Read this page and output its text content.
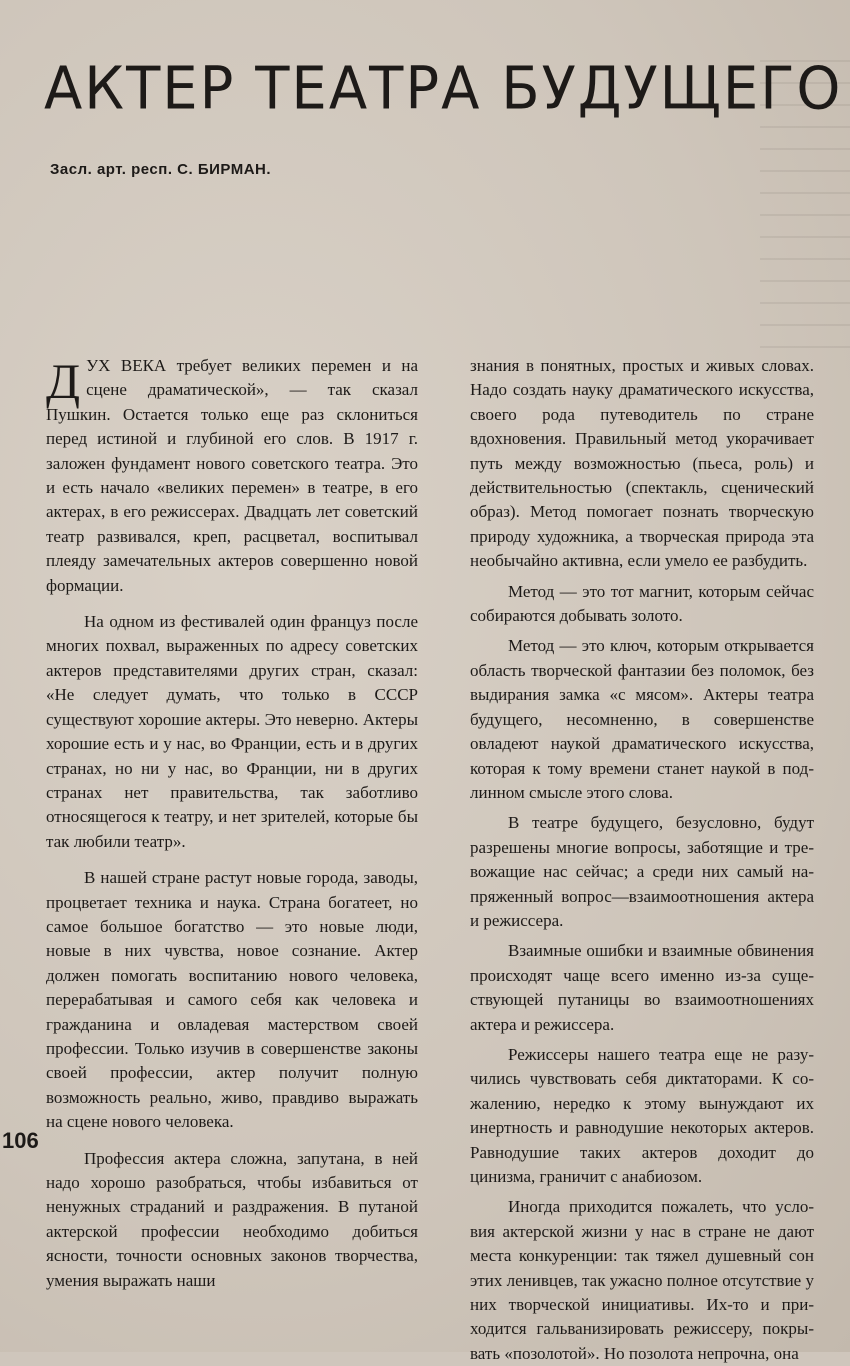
АКТЕР ТЕАТРА БУДУЩЕГО
Засл. арт. респ. С. БИРМАН.

ДУХ ВЕКА требует великих перемен и на сцене драматической», — так сказал Пушкин. Остается только еще раз склониться перед истиной и глубиной его слов. В 1917 г. заложен фундамент нового советского театра. Это и есть начало «великих перемен» в театре, в его актерах, в его режиссерах. Двадцать лет советский театр развивался, креп, расцветал, воспитывал плеяду замечательных актеров совершенно новой формации.

На одном из фестивалей один француз после многих похвал, выраженных по адресу советских актеров представителями других стран, сказал: «Не следует думать, что только в СССР существуют хорошие актеры. Это неверно. Актеры хорошие есть и у нас, во Франции, есть и в других странах, но ни у нас, во Франции, ни в других странах нет правительства, так заботливо относящегося к театру, и нет зрителей, которые бы так любили театр».

В нашей стране растут новые города, заводы, процветает техника и наука. Страна богатеет, но самое большое богатство — это новые люди, новые в них чувства, новое сознание. Актер должен помогать воспитанию нового человека, перерабатывая и самого себя как человека и гражданина и овладевая мастерством своей профессии. Только изучив в совершенстве законы своей профессии, актер получит полную возможность реально, живо, правдиво выражать на сцене нового человека.

Профессия актера сложна, запутана, в ней надо хорошо разобраться, чтобы избавиться от ненужных страданий и раздражения. В путаной актерской профессии необходимо добиться ясности, точности основных законов творчества, умения выражать наши

знания в понятных, простых и живых словах. Надо создать науку драматического искусства, своего рода путеводитель по стране вдохновения. Правильный метод укорачивает путь между возможностью (пьеса, роль) и действительностью (спектакль, сценический образ). Метод помогает познать творческую природу художника, а творческая природа эта необычайно активна, если умело ее разбудить.

Метод — это тот магнит, которым сейчас собираются добывать золото.

Метод — это ключ, которым открывается область творческой фантазии без поломок, без выдирания замка «с мясом». Актеры театра будущего, несомненно, в совершенстве овладеют наукой драматического искусства, которая к тому времени станет наукой в подлинном смысле этого слова.

В театре будущего, безусловно, будут разрешены многие вопросы, заботящие и тревожащие нас сейчас; а среди них самый напряженный вопрос—взаимоотношения актера и режиссера.

Взаимные ошибки и взаимные обвинения происходят чаще всего именно из-за существующей путаницы во взаимоотношениях актера и режиссера.

Режиссеры нашего театра еще не разучились чувствовать себя диктаторами. К сожалению, нередко к этому вынуждают их инертность и равнодушие некоторых актеров. Равнодушие таких актеров доходит до цинизма, граничит с анабиозом.

Иногда приходится пожалеть, что условия актерской жизни у нас в стране не дают места конкуренции: так тяжел душевный сон этих ленивцев, так ужасно полное отсутствие у них творческой инициативы. Их-то и приходится гальванизировать режиссеру, покрывать «позолотой». Но позолота непрочна, она

106
